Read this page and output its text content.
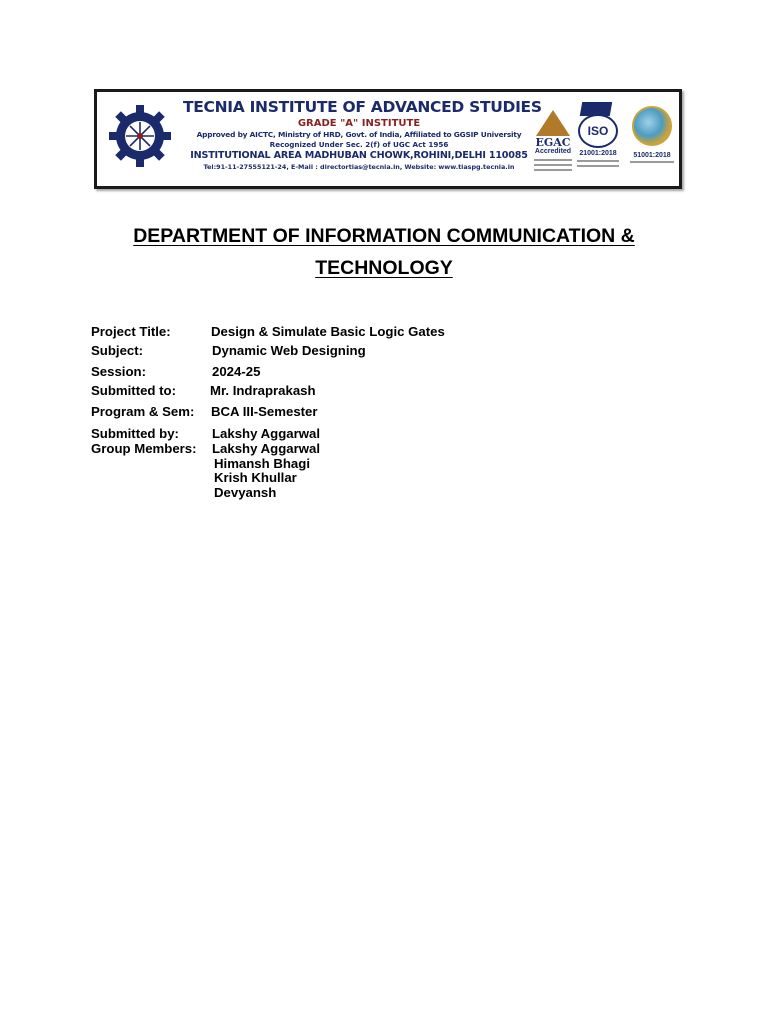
TECNIA INSTITUTE OF ADVANCED STUDIES
GRADE "A" INSTITUTE
Approved by AICTC, Ministry of HRD, Govt. of India, Affiliated to GGSIP University
Recognized Under Sec. 2(f) of UGC Act 1956
INSTITUTIONAL AREA MADHUBAN CHOWK,ROHINI,DELHI 110085
Tel:91-11-27555121-24, E-Mail : directortias@tecnia.in, Website: www.tiaspg.tecnia.in
EGAC
Accredited
ISO
21001:2018	51001:2018
DEPARTMENT OF INFORMATION COMMUNICATION &
TECHNOLOGY
Project Title:	Design & Simulate Basic Logic Gates
Subject:	Dynamic Web Designing
Session:	2024-25
Submitted to:	Mr. Indraprakash
Program & Sem: BCA III-Semester
Submitted by:	Lakshy Aggarwal
Group Members: Lakshy Aggarwal
Himansh Bhagi
Krish Khullar
Devyansh
